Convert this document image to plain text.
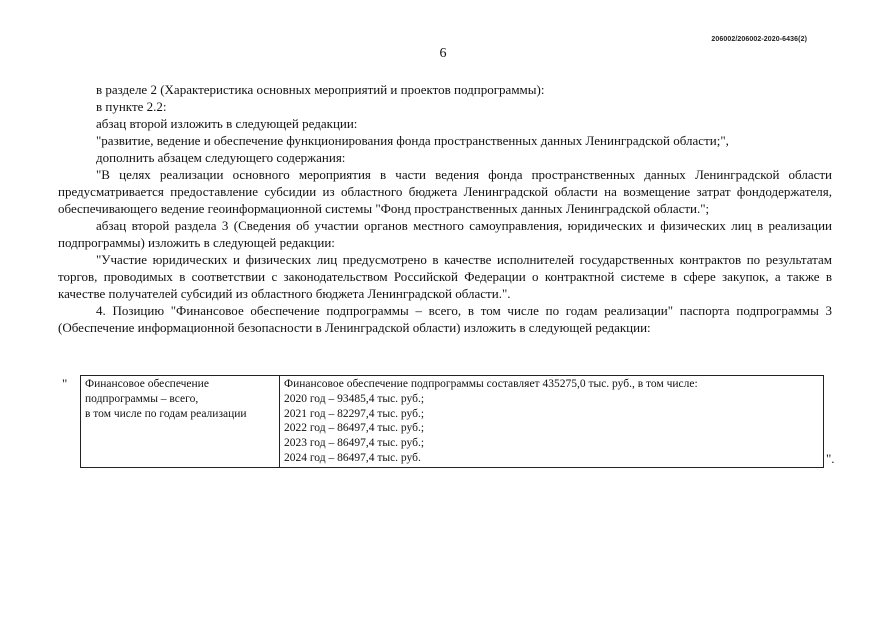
206002/206002-2020-6436(2)
6

в разделе 2 (Характеристика основных мероприятий и проектов подпрограммы):

в пункте 2.2:

абзац второй изложить в следующей редакции:

"развитие, ведение и обеспечение функционирования фонда пространственных данных Ленинградской области;",

дополнить абзацем следующего содержания:

"В целях реализации основного мероприятия в части ведения фонда пространственных данных Ленинградской области предусматривается предоставление субсидии из областного бюджета Ленинградской области на возмещение затрат фондодержателя, обеспечивающего ведение геоинформационной системы "Фонд пространственных данных Ленинградской области.";

абзац второй раздела 3 (Сведения об участии органов местного самоуправления, юридических и физических лиц в реализации подпрограммы) изложить в следующей редакции:

"Участие юридических и физических лиц предусмотрено в качестве исполнителей государственных контрактов по результатам торгов, проводимых в соответствии с законодательством Российской Федерации о контрактной системе в сфере закупок, а также в качестве получателей субсидий из областного бюджета Ленинградской области.".

4. Позицию "Финансовое обеспечение подпрограммы – всего, в том числе по годам реализации" паспорта подпрограммы 3 (Обеспечение информационной безопасности в Ленинградской области) изложить в следующей редакции:

" Финансовое обеспечение
подпрограммы – всего,
в том числе по годам реализации

Финансовое обеспечение подпрограммы составляет 435275,0 тыс. руб., в том числе:
2020 год – 93485,4 тыс. руб.;
2021 год – 82297,4 тыс. руб.;
2022 год – 86497,4 тыс. руб.;
2023 год – 86497,4 тыс. руб.;
2024 год – 86497,4 тыс. руб.	".
